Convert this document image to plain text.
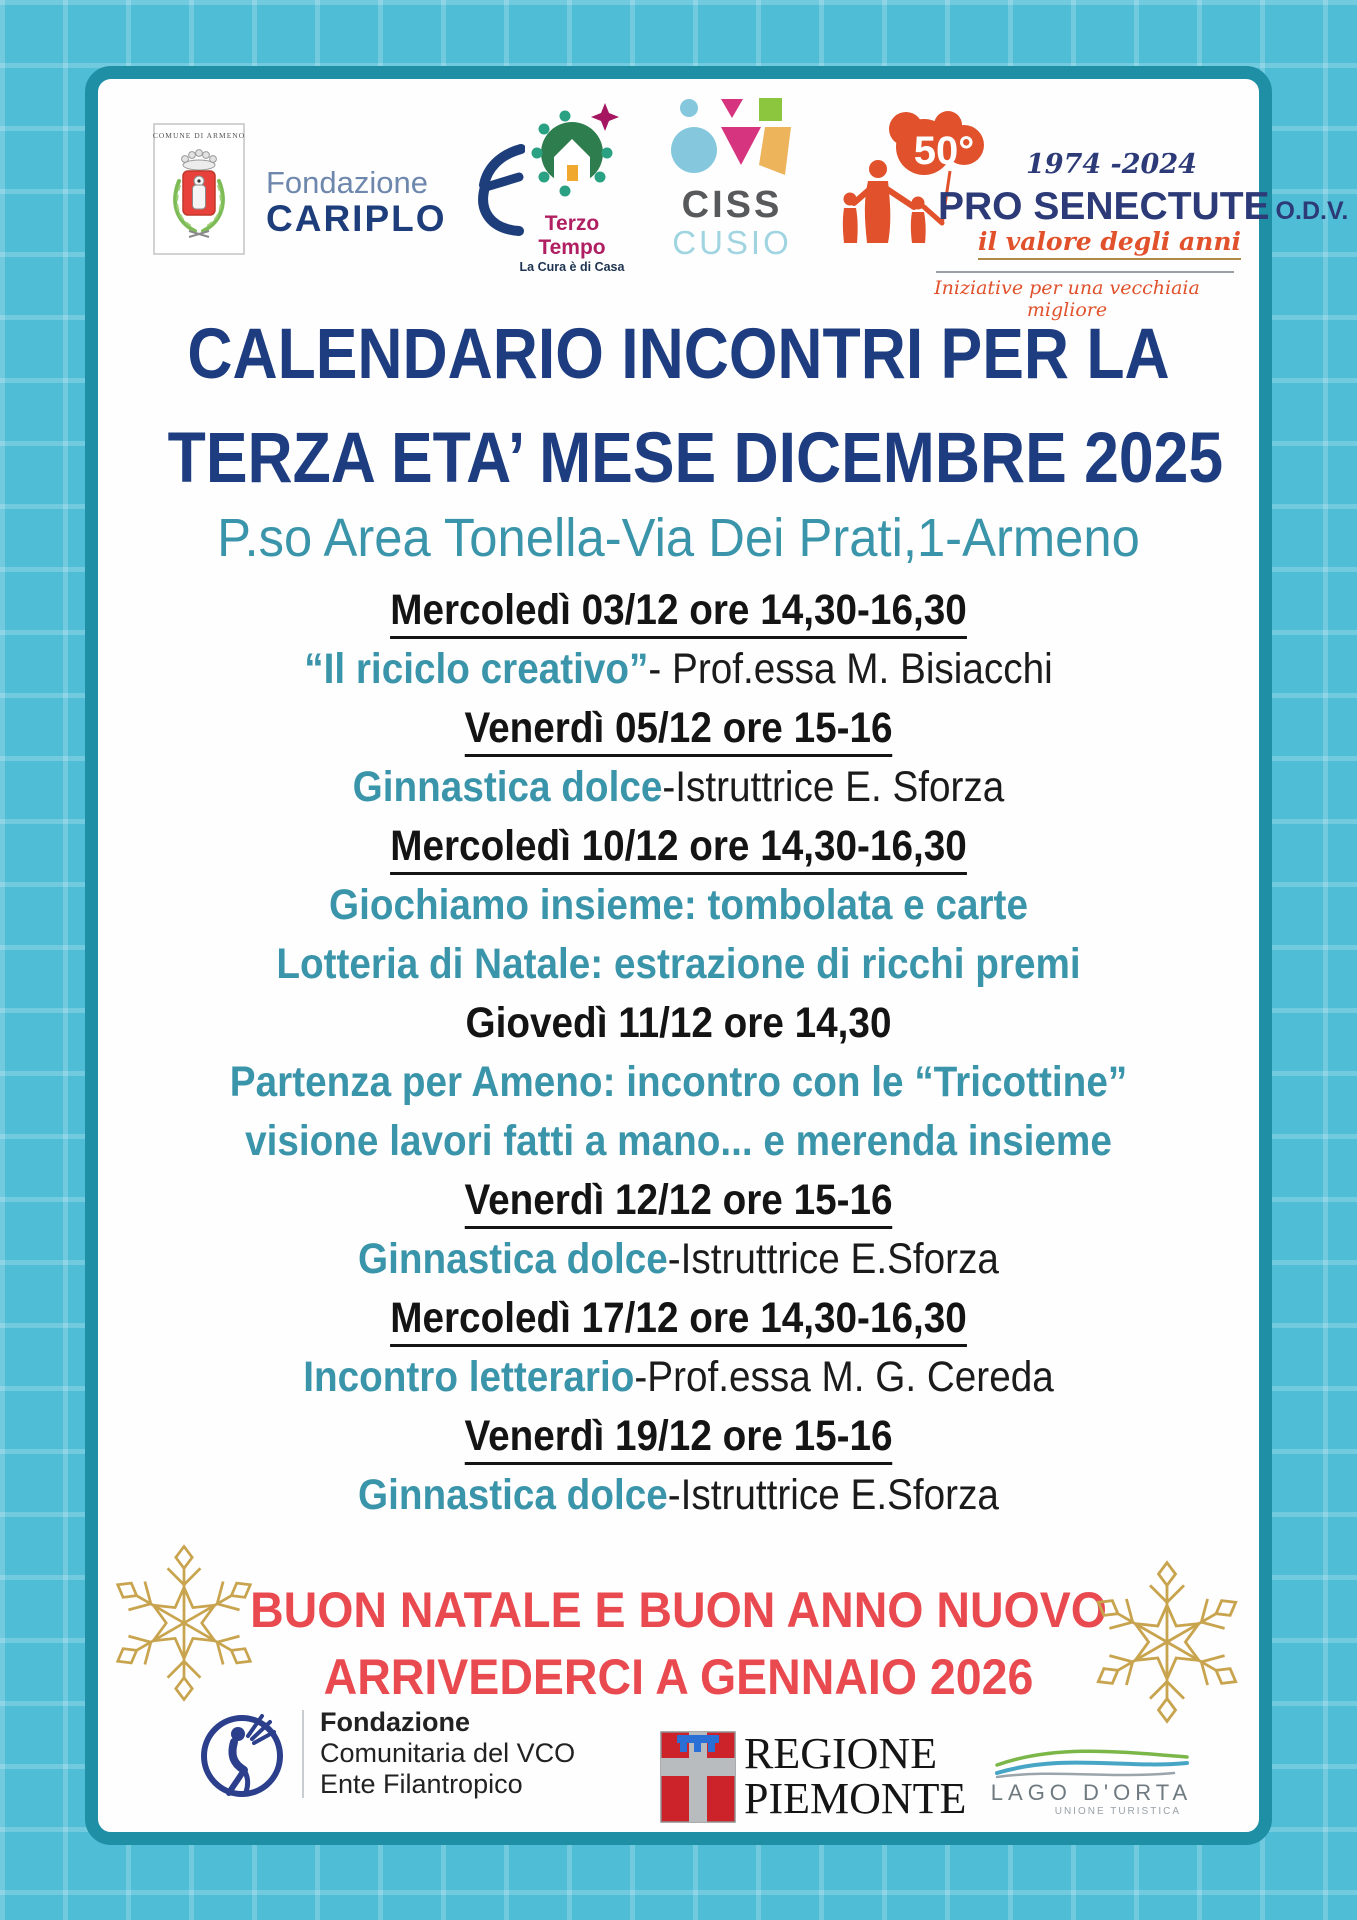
COMUNE DI ARMENO
Fondazione
CARIPLO	Terzo Tempo
La Cura è di Casa
CISS
CUSIO
50°	1974 -2024
PRO SENECTUTE O.D.V.
il valore degli anni
Iniziative per una vecchiaia migliore
CALENDARIO INCONTRI PER LA
TERZA ETA’ MESE DICEMBRE 2025
P.so Area Tonella-Via Dei Prati,1-Armeno
Mercoledì 03/12 ore 14,30-16,30
“Il riciclo creativo”- Prof.essa M. Bisiacchi
Venerdì 05/12 ore 15-16
Ginnastica dolce-Istruttrice E. Sforza
Mercoledì 10/12 ore 14,30-16,30
Giochiamo insieme: tombolata e carte
Lotteria di Natale: estrazione di ricchi premi
Giovedì 11/12 ore 14,30
Partenza per Ameno: incontro con le “Tricottine”
visione lavori fatti a mano... e merenda insieme
Venerdì 12/12 ore 15-16
Ginnastica dolce-Istruttrice E.Sforza
Mercoledì 17/12 ore 14,30-16,30
Incontro letterario-Prof.essa M. G. Cereda
Venerdì 19/12 ore 15-16
Ginnastica dolce-Istruttrice E.Sforza
BUON NATALE E BUON ANNO NUOVO
ARRIVEDERCI A GENNAIO 2026
Fondazione
Comunitaria del VCO
Ente Filantropico
REGIONE
PIEMONTE	LAGO D'ORTA
UNIONE TURISTICA
